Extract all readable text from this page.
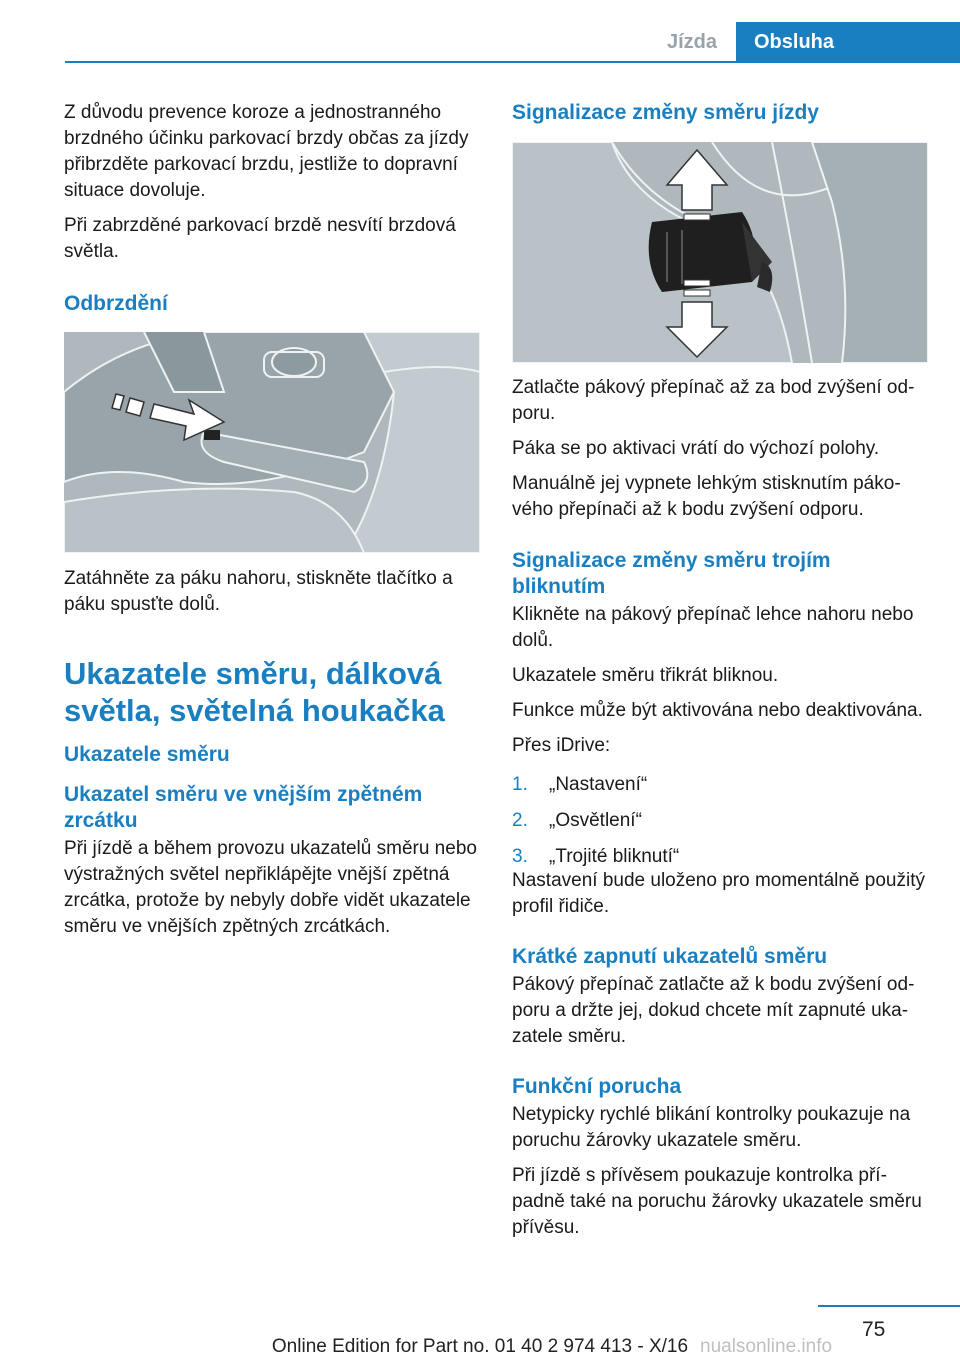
Jízda	Obsluha

Z důvodu prevence koroze a jednostranného brzdného účinku parkovací brzdy občas za jízdy přibrzděte parkovací brzdu, jestliže to dopravní situace dovoluje.

Při zabrzděné parkovací brzdě nesvítí brzdová světla.

Odbrzdění

Zatáhněte za páku nahoru, stiskněte tlačítko a páku spusťte dolů.

Ukazatele směru, dálková světla, světelná houkačka
Ukazatele směru
Ukazatel směru ve vnějším zpětném zrcátku

Při jízdě a během provozu ukazatelů směru nebo výstražných světel nepřiklápějte vnější zpětná zrcátka, protože by nebyly dobře vidět ukazatele směru ve vnějších zpětných zrcátkách.

Signalizace změny směru jízdy

Zatlačte pákový přepínač až za bod zvýšení odporu.

Páka se po aktivaci vrátí do výchozí polohy.

Manuálně jej vypnete lehkým stisknutím pákového přepínači až k bodu zvýšení odporu.

Signalizace změny směru trojím bliknutím

Klikněte na pákový přepínač lehce nahoru nebo dolů.

Ukazatele směru třikrát bliknou.

Funkce může být aktivována nebo deaktivována.

Přes iDrive:

1.	„Nastavení“
2.	„Osvětlení“
3.	„Trojité bliknutí“

Nastavení bude uloženo pro momentálně použitý profil řidiče.

Krátké zapnutí ukazatelů směru

Pákový přepínač zatlačte až k bodu zvýšení odporu a držte jej, dokud chcete mít zapnuté ukazatele směru.

Funkční porucha

Netypicky rychlé blikání kontrolky poukazuje na poruchu žárovky ukazatele směru.

Při jízdě s přívěsem poukazuje kontrolka případně také na poruchu žárovky ukazatele směru přívěsu.

75
Online Edition for Part no. 01 40 2 974 413 - X/16 nualsonline.info
